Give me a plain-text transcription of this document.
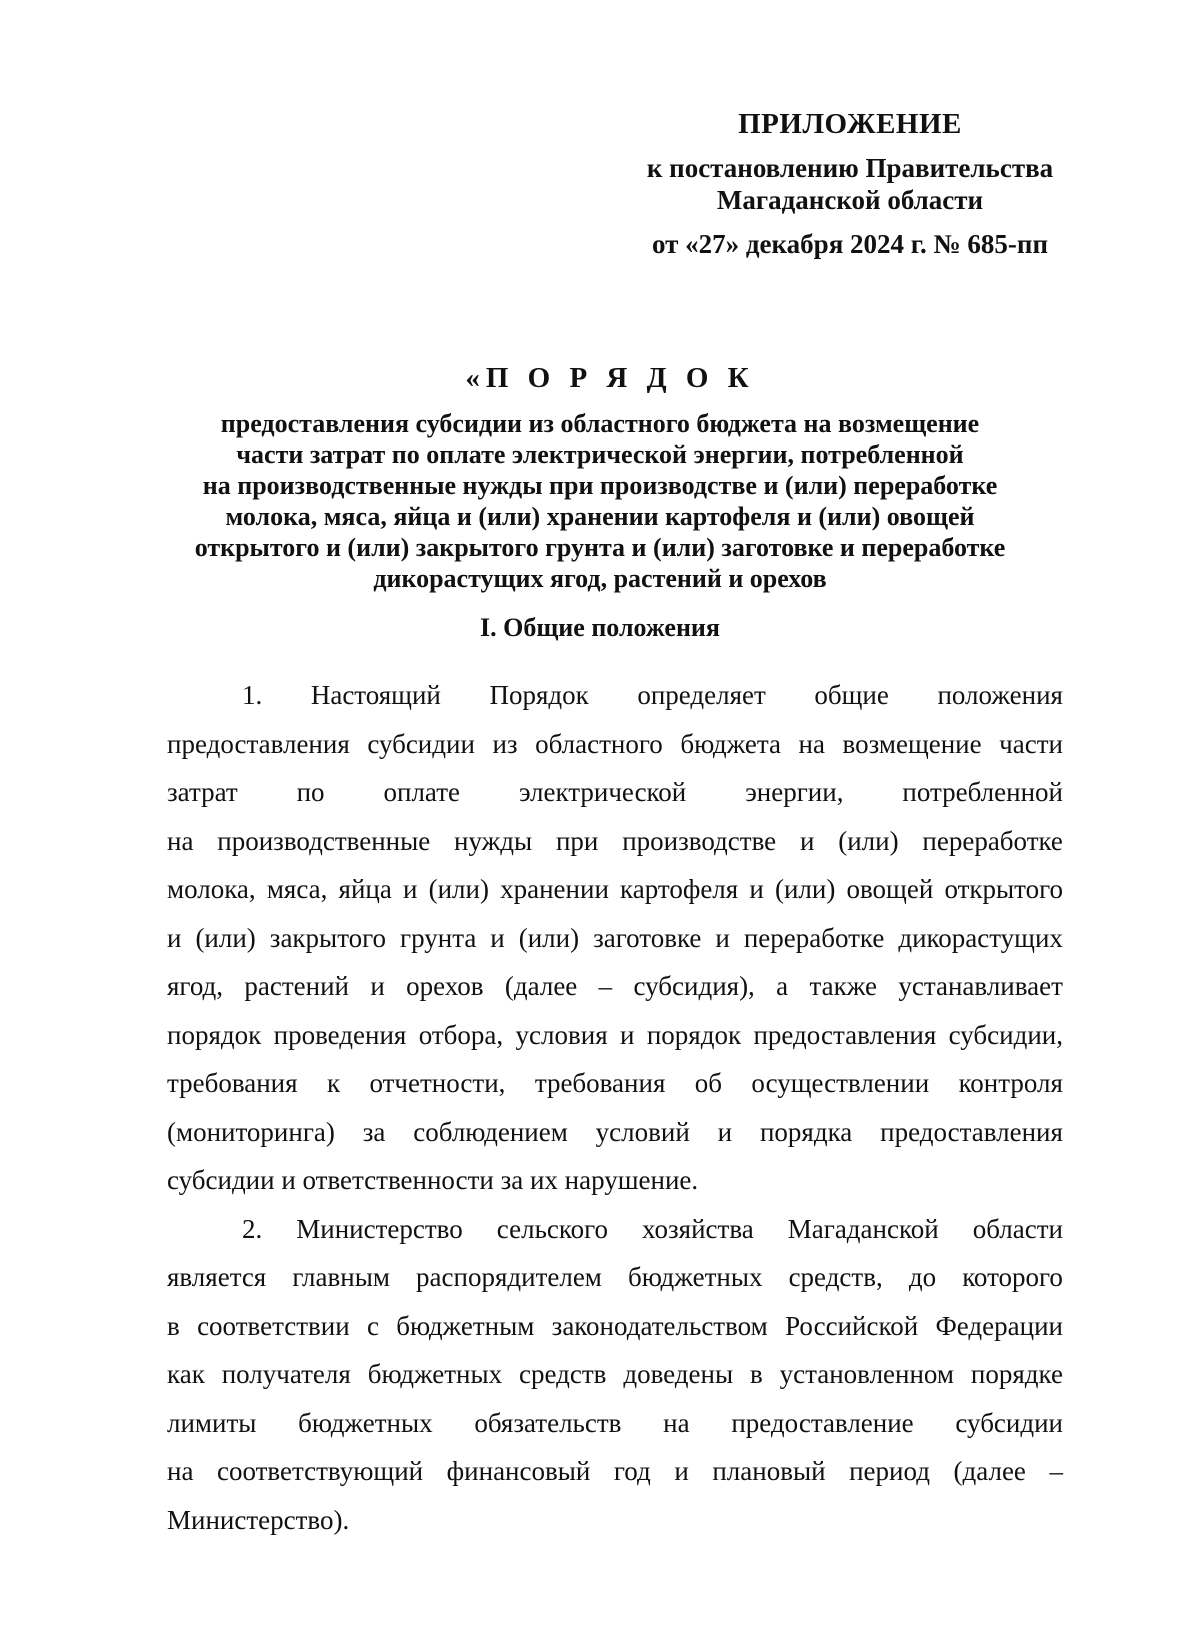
ПРИЛОЖЕНИЕ
к постановлению Правительства
Магаданской области
от «27» декабря 2024 г. № 685-пп
«П О Р Я Д О К
предоставления субсидии из областного бюджета на возмещение
части затрат по оплате электрической энергии, потребленной
на производственные нужды при производстве и (или) переработке
молока, мяса, яйца и (или) хранении картофеля и (или) овощей
открытого и (или) закрытого грунта и (или) заготовке и переработке
дикорастущих ягод, растений и орехов
I. Общие положения
1. Настоящий Порядок определяет общие положения
предоставления субсидии из областного бюджета на возмещение части
затрат по оплате электрической энергии, потребленной
на производственные нужды при производстве и (или) переработке
молока, мяса, яйца и (или) хранении картофеля и (или) овощей открытого
и (или) закрытого грунта и (или) заготовке и переработке дикорастущих
ягод, растений и орехов (далее – субсидия), а также устанавливает
порядок проведения отбора, условия и порядок предоставления субсидии,
требования к отчетности, требования об осуществлении контроля
(мониторинга) за соблюдением условий и порядка предоставления
субсидии и ответственности за их нарушение.
2. Министерство сельского хозяйства Магаданской области
является главным распорядителем бюджетных средств, до которого
в соответствии с бюджетным законодательством Российской Федерации
как получателя бюджетных средств доведены в установленном порядке
лимиты бюджетных обязательств на предоставление субсидии
на соответствующий финансовый год и плановый период (далее –
Министерство).
